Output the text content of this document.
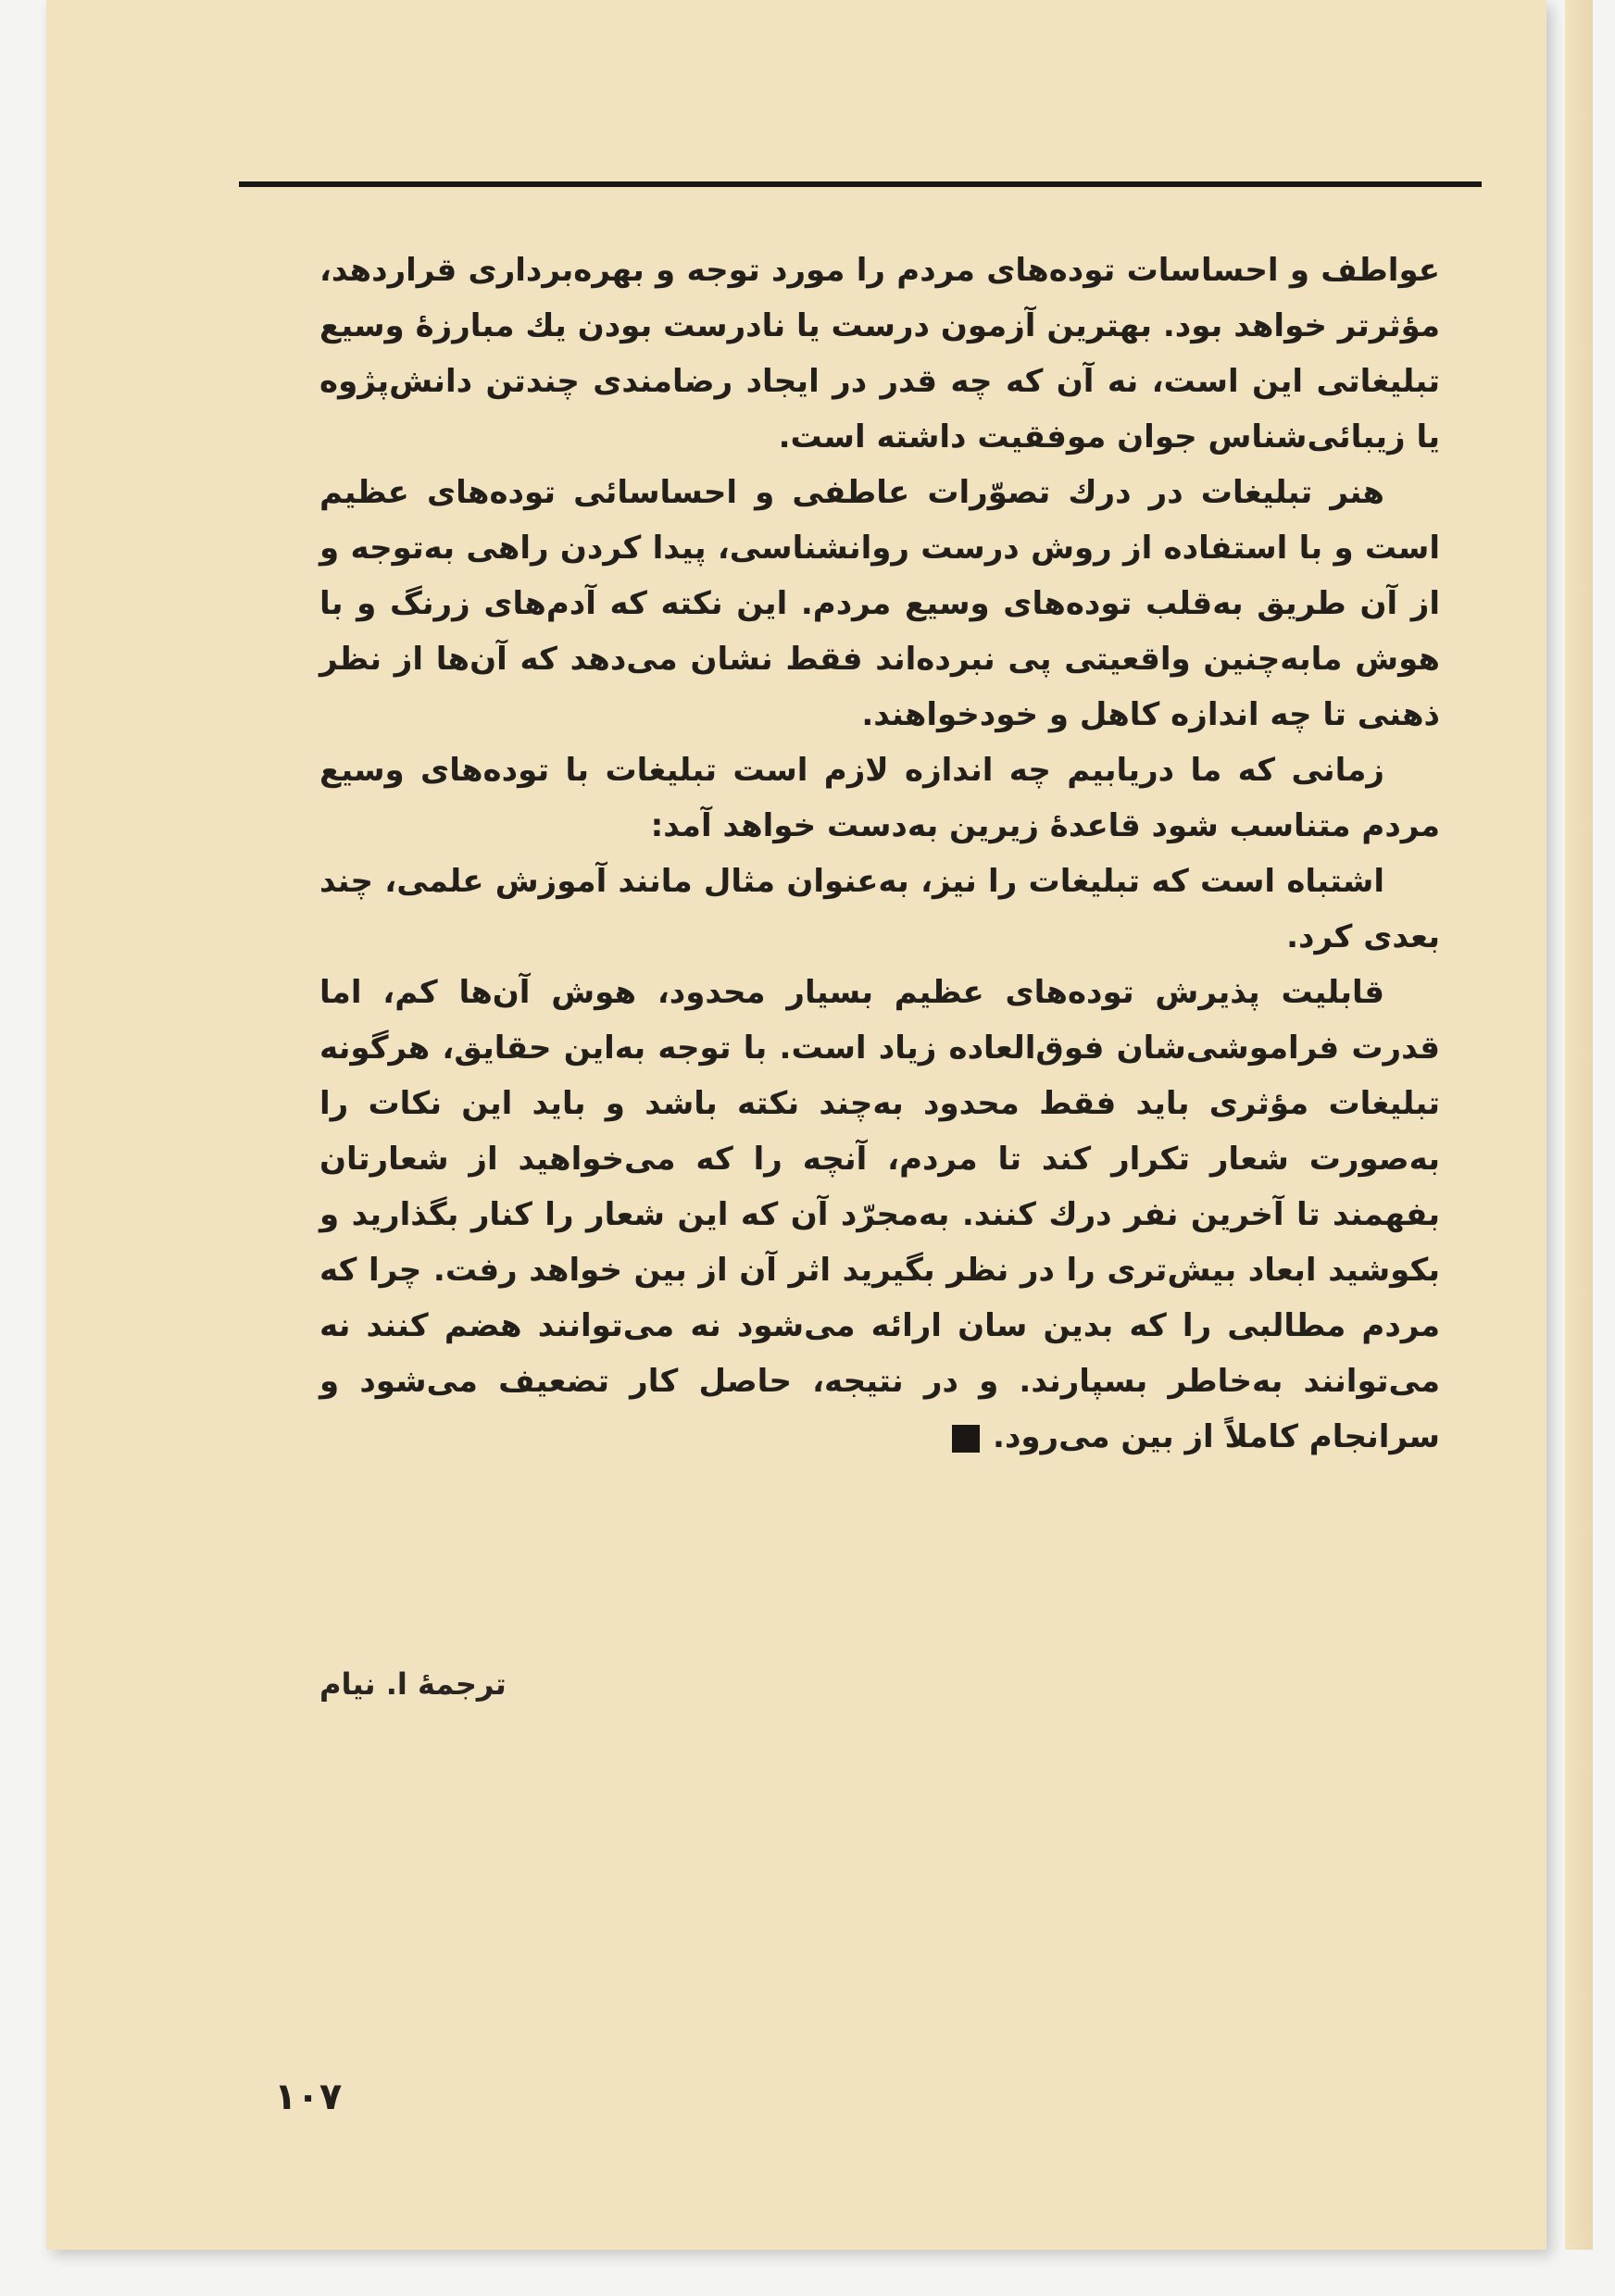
عواطف و احساسات توده‌های مردم را مورد توجه و بهره‌برداری قراردهد، مؤثرتر خواهد بود. بهترین آزمون درست یا نادرست بودن یك مبارزهٔ وسیع تبلیغاتی این است، نه آن که چه قدر در ایجاد رضامندی چندتن دانش‌پژوه یا زیبائی‌شناس جوان موفقیت داشته است.

هنر تبلیغات در درك تصوّرات عاطفی و احساسائی توده‌های عظیم است و با استفاده از روش درست روانشناسی، پیدا کردن راهی به‌توجه و از آن طریق به‌قلب توده‌های وسیع مردم. این نکته که آدم‌های زرنگ و با هوش مابه‌چنین واقعیتی پی نبرده‌اند فقط نشان می‌دهد که آن‌ها از نظر ذهنی تا چه اندازه کاهل و خودخواهند.

زمانی که ما دریابیم چه اندازه لازم است تبلیغات با توده‌های وسیع مردم متناسب شود قاعدهٔ زیرین به‌دست خواهد آمد:

اشتباه است که تبلیغات را نیز، به‌عنوان مثال مانند آموزش علمی، چند بعدی کرد.

قابلیت پذیرش توده‌های عظیم بسیار محدود، هوش آن‌ها کم، اما قدرت فراموشی‌شان فوق‌العاده زیاد است. با توجه به‌این حقایق، هرگونه تبلیغات مؤثری باید فقط محدود به‌چند نکته باشد و باید این نکات را به‌صورت شعار تکرار کند تا مردم، آنچه را که می‌خواهید از شعارتان بفهمند تا آخرین نفر درك کنند. به‌مجرّد آن که این شعار را کنار بگذارید و بکوشید ابعاد بیش‌تری را در نظر بگیرید اثر آن از بین خواهد رفت. چرا که مردم مطالبی را که بدین سان ارائه می‌شود نه می‌توانند هضم کنند نه می‌توانند به‌خاطر بسپارند. و در نتیجه، حاصل کار تضعیف می‌شود و سرانجام کاملاً از بین می‌رود.

ترجمهٔ ا. نیام
۱۰۷
